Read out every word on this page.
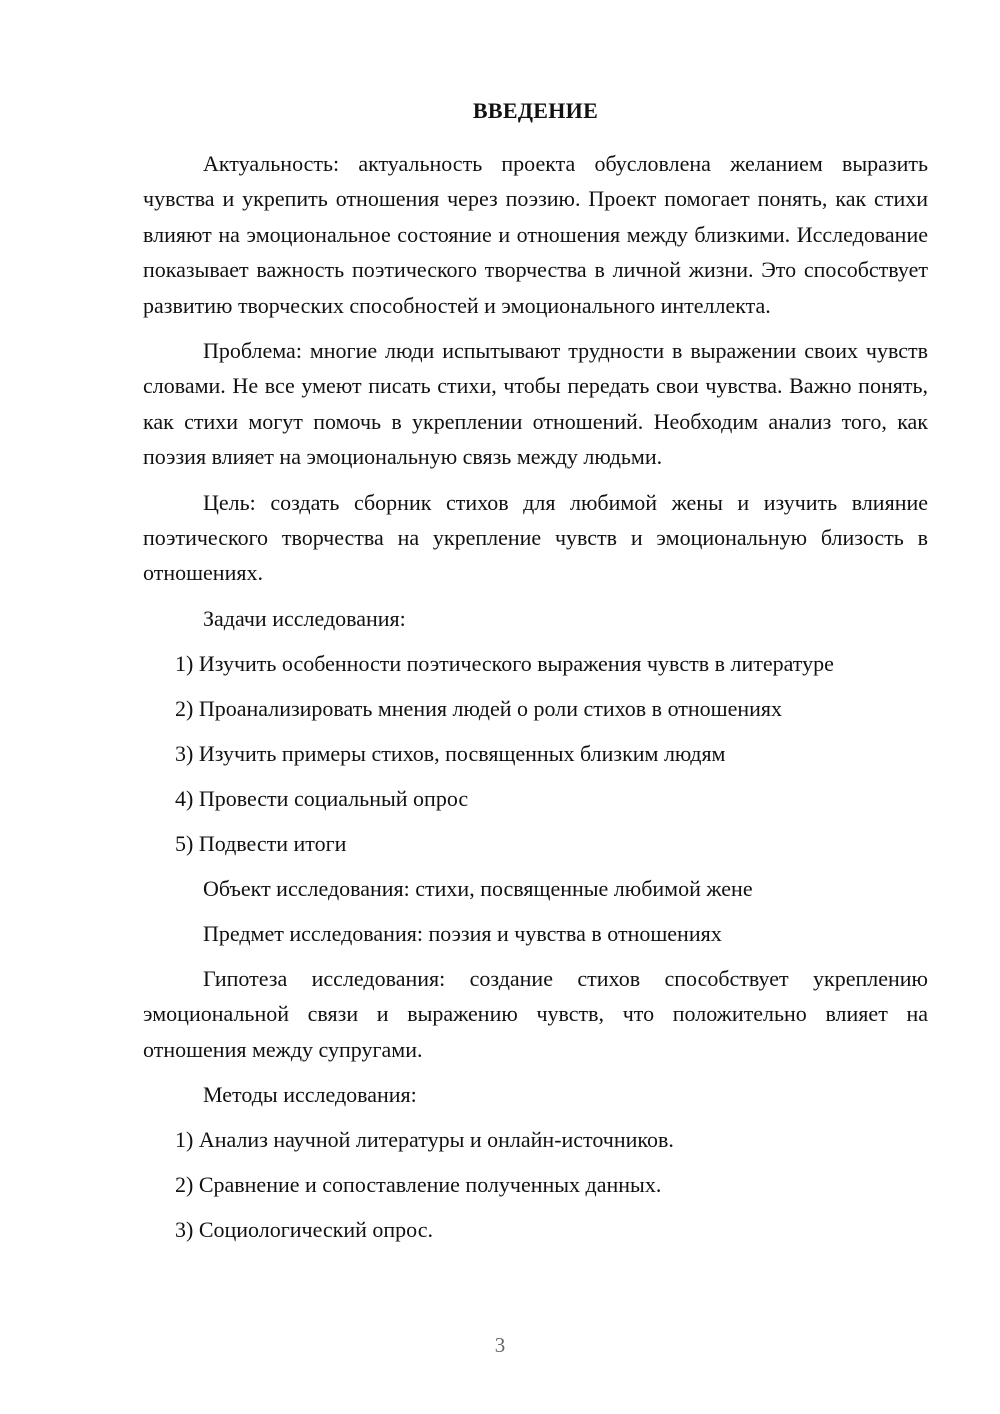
ВВЕДЕНИЕ

Актуальность: актуальность проекта обусловлена желанием выразить чувства и укрепить отношения через поэзию. Проект помогает понять, как стихи влияют на эмоциональное состояние и отношения между близкими. Исследование показывает важность поэтического творчества в личной жизни. Это способствует развитию творческих способностей и эмоционального интеллекта.

Проблема: многие люди испытывают трудности в выражении своих чувств словами. Не все умеют писать стихи, чтобы передать свои чувства. Важно понять, как стихи могут помочь в укреплении отношений. Необходим анализ того, как поэзия влияет на эмоциональную связь между людьми.

Цель: создать сборник стихов для любимой жены и изучить влияние поэтического творчества на укрепление чувств и эмоциональную близость в отношениях.

Задачи исследования:
1) Изучить особенности поэтического выражения чувств в литературе
2) Проанализировать мнения людей о роли стихов в отношениях
3) Изучить примеры стихов, посвященных близким людям
4) Провести социальный опрос
5) Подвести итоги
Объект исследования: стихи, посвященные любимой жене
Предмет исследования: поэзия и чувства в отношениях

Гипотеза исследования: создание стихов способствует укреплению эмоциональной связи и выражению чувств, что положительно влияет на отношения между супругами.

Методы исследования:
1) Анализ научной литературы и онлайн-источников.
2) Сравнение и сопоставление полученных данных.
3) Социологический опрос.
3
